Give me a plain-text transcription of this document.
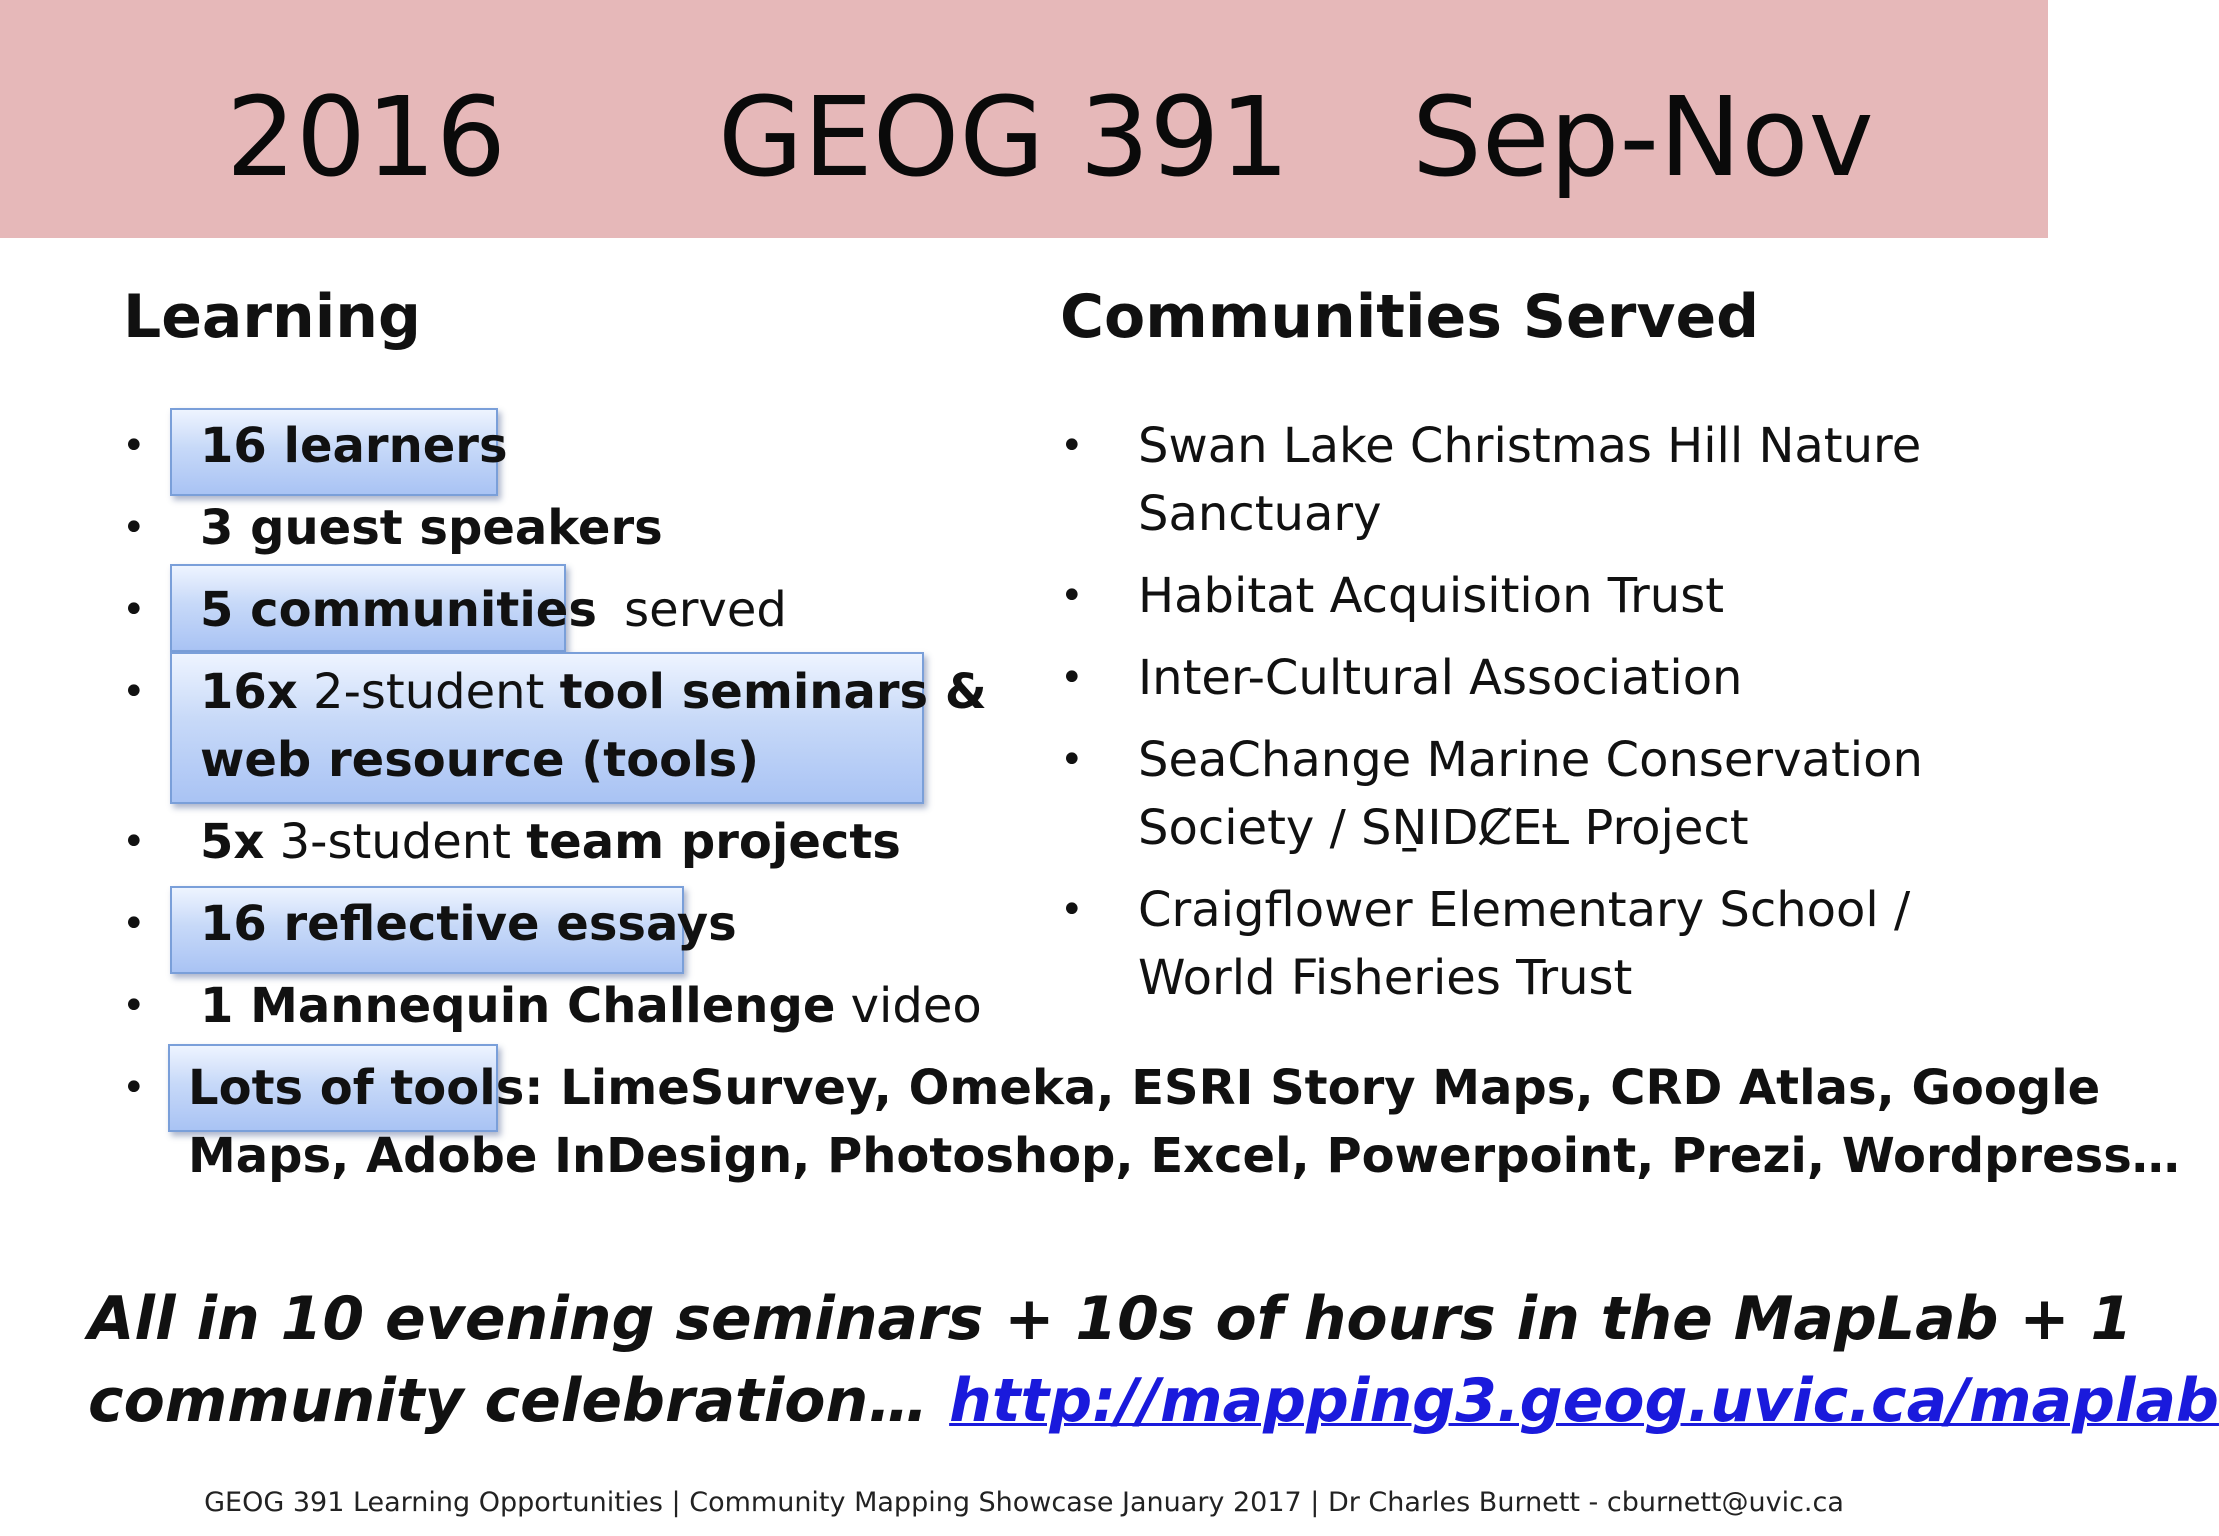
2016 GEOG 391 Sep-Nov
Learning
• 16 learners
• 3 guest speakers
• 5 communities served
• 16x 2-student tool seminars &
web resource (tools)
• 5x 3-student team projects
• 16 reflective essays
• 1 Mannequin Challenge video
• Lots of tools: LimeSurvey, Omeka, ESRI Story Maps, CRD Atlas, Google
Maps, Adobe InDesign, Photoshop, Excel, Powerpoint, Prezi, Wordpress…
Communities Served
• Swan Lake Christmas Hill Nature
Sanctuary
• Habitat Acquisition Trust
• Inter-Cultural Association
• SeaChange Marine Conservation
Society / SṈIDȻEȽ Project
• Craigflower Elementary School /
World Fisheries Trust
All in 10 evening seminars + 10s of hours in the MapLab + 1
community celebration… http://mapping3.geog.uvic.ca/maplab
GEOG 391 Learning Opportunities | Community Mapping Showcase January 2017 | Dr Charles Burnett - cburnett@uvic.ca
